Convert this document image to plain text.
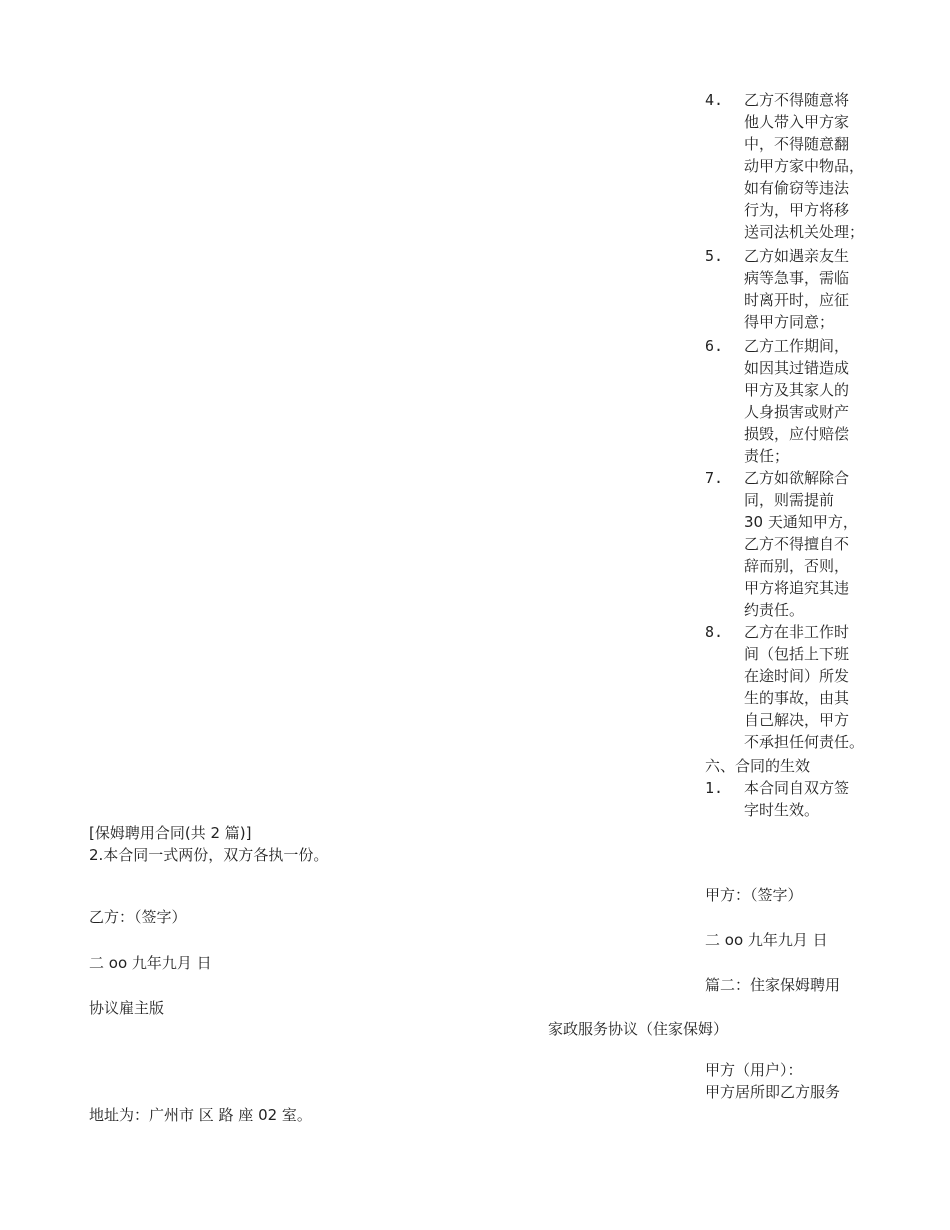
4.	乙方不得随意将
他人带入甲方家
中，不得随意翻
动甲方家中物品，
如有偷窃等违法
行为，甲方将移
送司法机关处理；
5.	乙方如遇亲友生
病等急事，需临
时离开时，应征
得甲方同意；
6.	乙方工作期间，
如因其过错造成
甲方及其家人的
人身损害或财产
损毁，应付赔偿
责任；
7.	乙方如欲解除合
同，则需提前
30 天通知甲方，
乙方不得擅自不
辞而别，否则，
甲方将追究其违
约责任。
8.	乙方在非工作时
间（包括上下班
在途时间）所发
生的事故，由其
自己解决，甲方
不承担任何责任。
六、合同的生效
1.	本合同自双方签
字时生效。
[保姆聘用合同(共 2 篇)]
2.本合同一式两份，双方各执一份。
甲方：（签字）
乙方：（签字）
二 oo 九年九月 日
二 oo 九年九月 日
篇二：住家保姆聘用
协议雇主版
家政服务协议（住家保姆）
甲方（用户）：
甲方居所即乙方服务
地址为：广州市 区 路 座 02 室。
